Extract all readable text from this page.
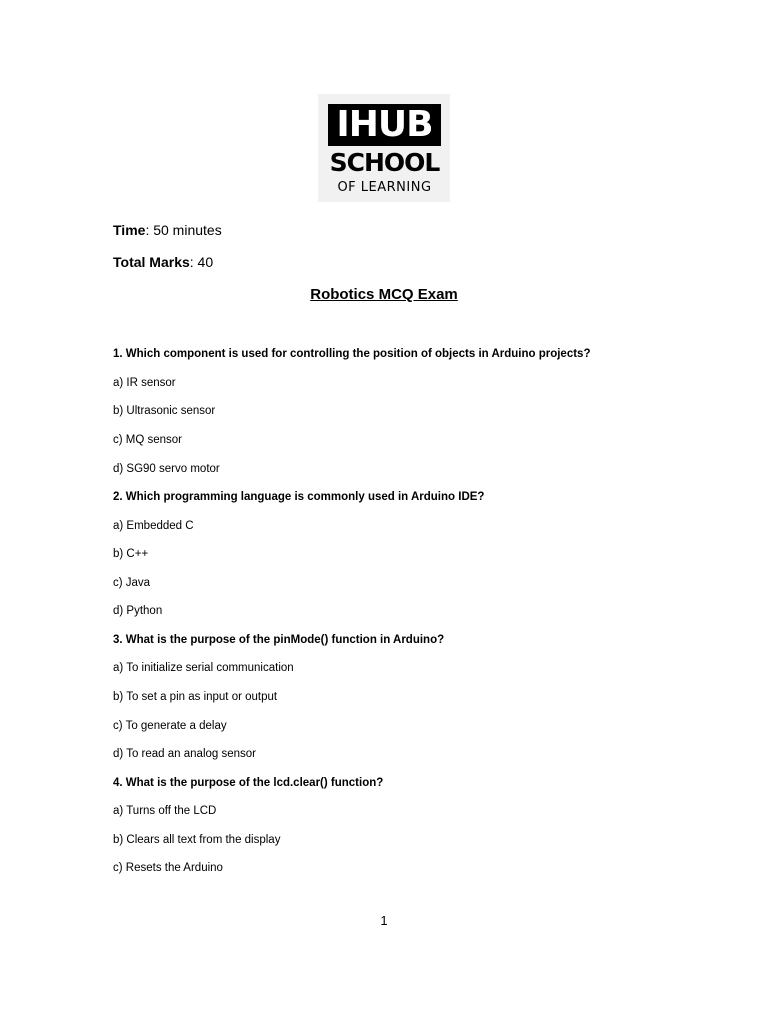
IHUB
SCHOOL
OF LEARNING
Time: 50 minutes
Total Marks: 40
Robotics MCQ Exam
1. Which component is used for controlling the position of objects in Arduino projects?
a) IR sensor
b) Ultrasonic sensor
c) MQ sensor
d) SG90 servo motor
2. Which programming language is commonly used in Arduino IDE?
a) Embedded C
b) C++
c) Java
d) Python
3. What is the purpose of the pinMode() function in Arduino?
a) To initialize serial communication
b) To set a pin as input or output
c) To generate a delay
d) To read an analog sensor
4. What is the purpose of the lcd.clear() function?
a) Turns off the LCD
b) Clears all text from the display
c) Resets the Arduino
1
